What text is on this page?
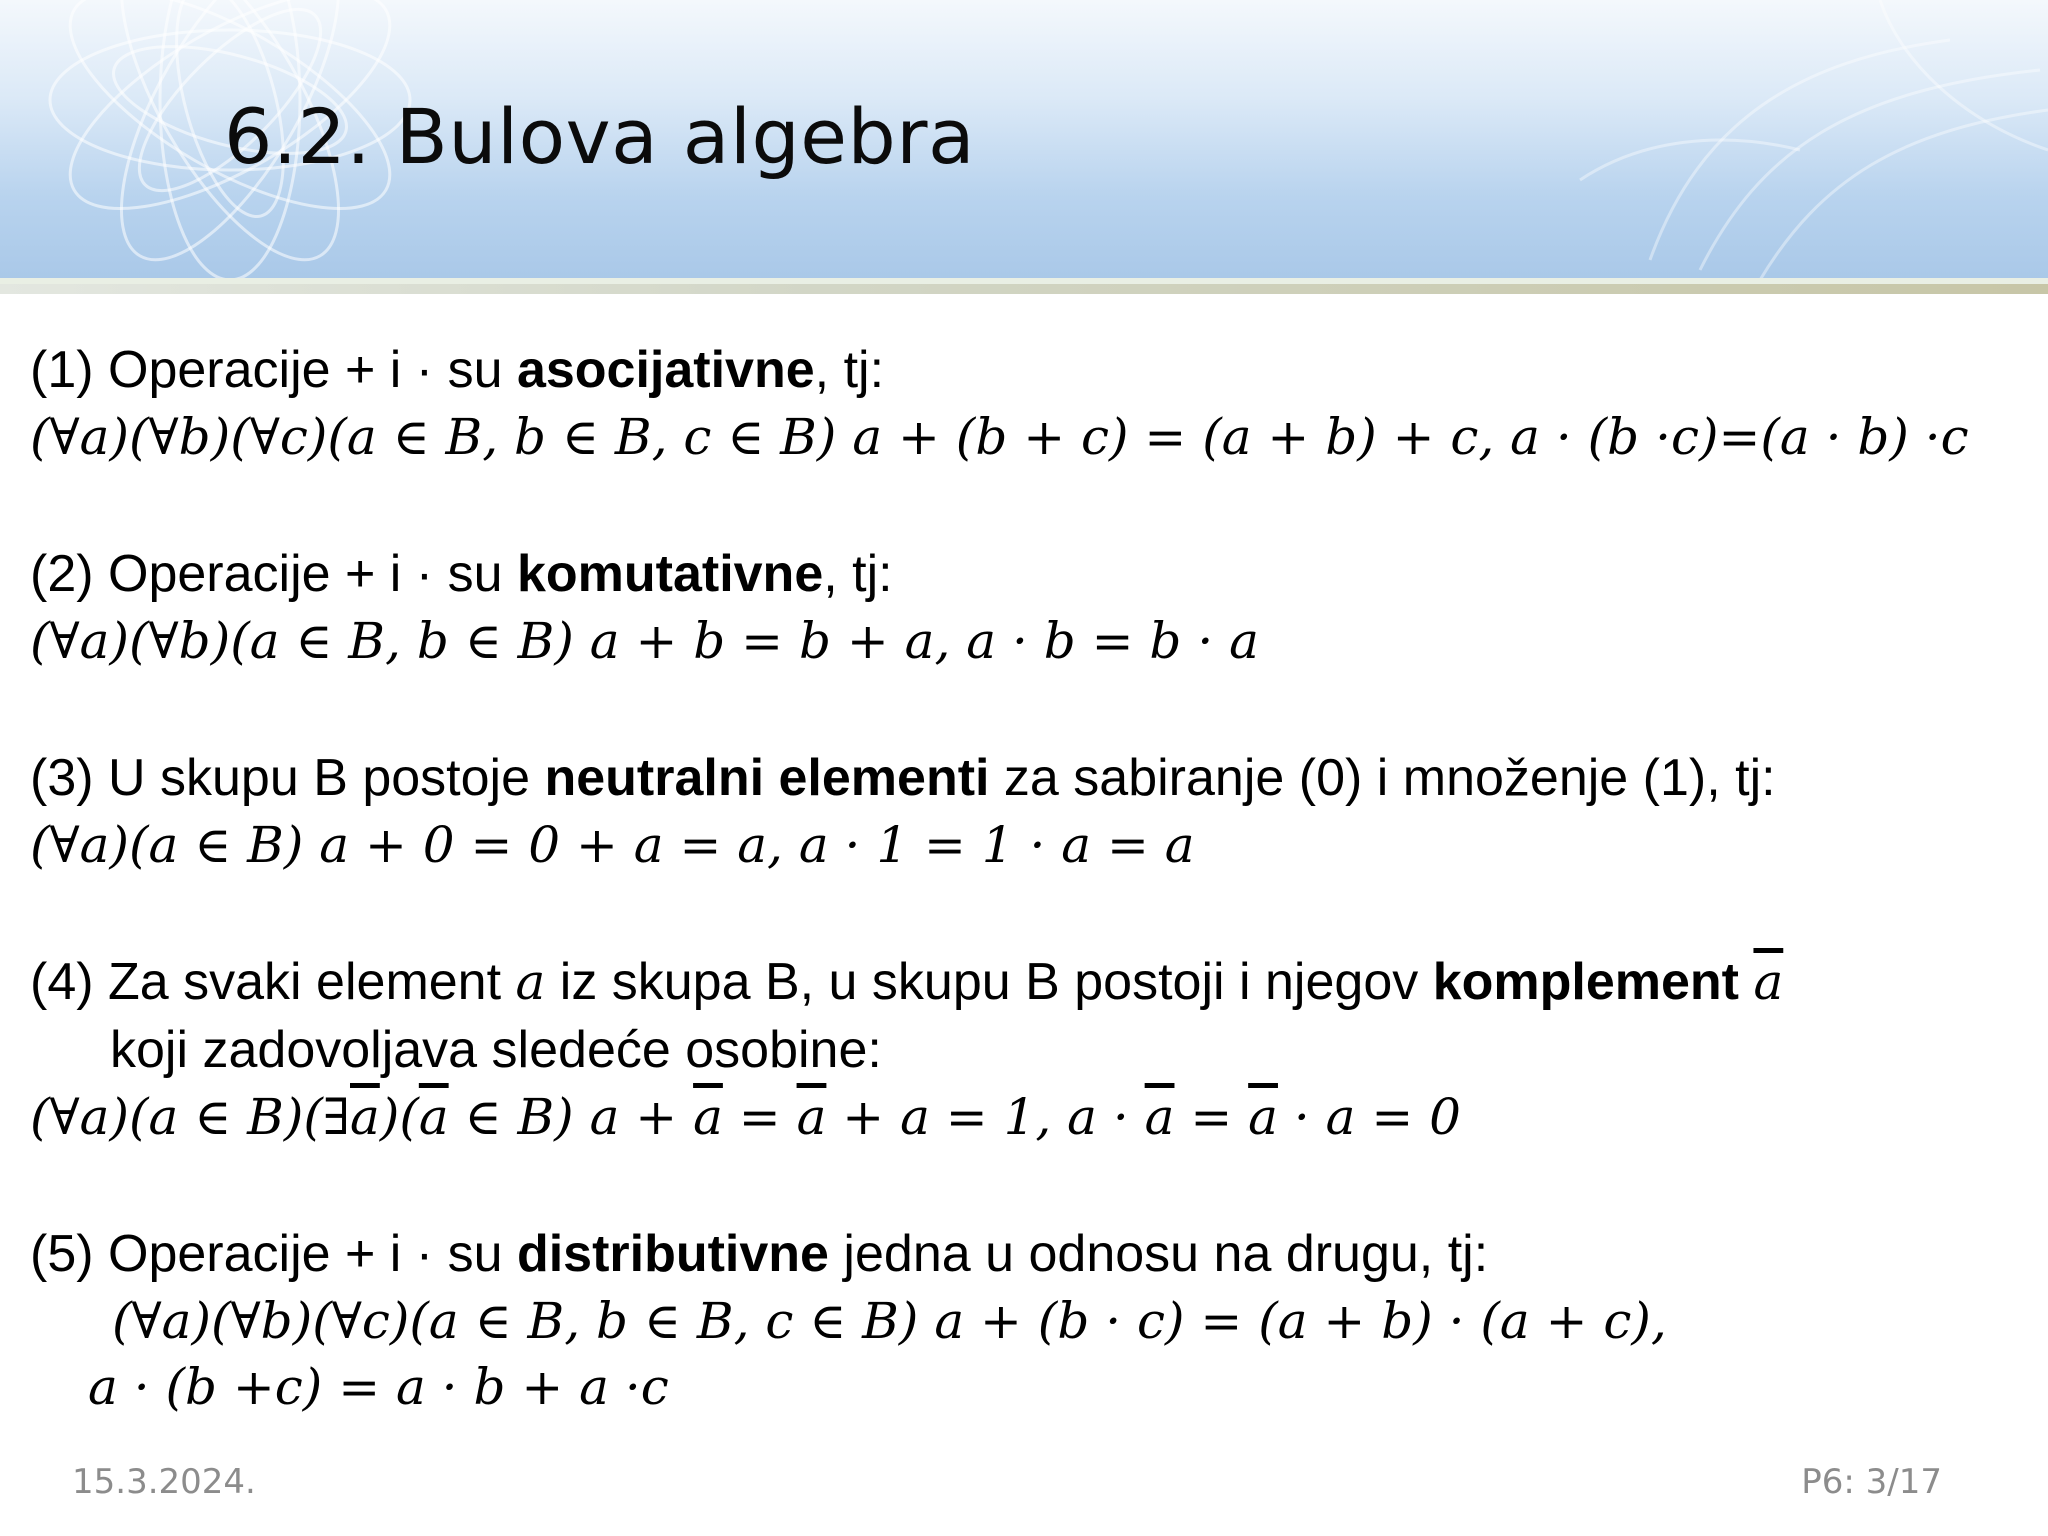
6.2. Bulova algebra
(1) Operacije + i · su asocijativne, tj:
(∀a)(∀b)(∀c)(a ∈ B, b ∈ B, c ∈ B) a + (b + c) = (a + b) + c, a · (b ·c)=(a · b) ·c
(2) Operacije + i · su komutativne, tj:
(∀a)(∀b)(a ∈ B, b ∈ B) a + b = b + a, a · b = b · a
(3) U skupu B postoje neutralni elementi za sabiranje (0) i množenje (1), tj:
(∀a)(a ∈ B) a + 0 = 0 + a = a, a · 1 = 1 · a = a
(4) Za svaki element a iz skupa B, u skupu B postoji i njegov komplement $\overline{a}$
koji zadovoljava sledeće osobine:
(∀a)(a ∈ $B)(\exists\overline{a})(\overline{a}$ ∈ B) $a + \overline{a} = \overline{a} + a = 1$, $a \cdot \overline{a} = \overline{a} \cdot a = 0$
(5) Operacije + i · su distributivne jedna u odnosu na drugu, tj:
(∀a)(∀b)(∀c)(a ∈ B, b ∈ B, c ∈ B) a + (b · c) = (a + b) · (a + c),
a · (b +c) = a · b + a ·c
15.3.2024.	P6: 3/17
